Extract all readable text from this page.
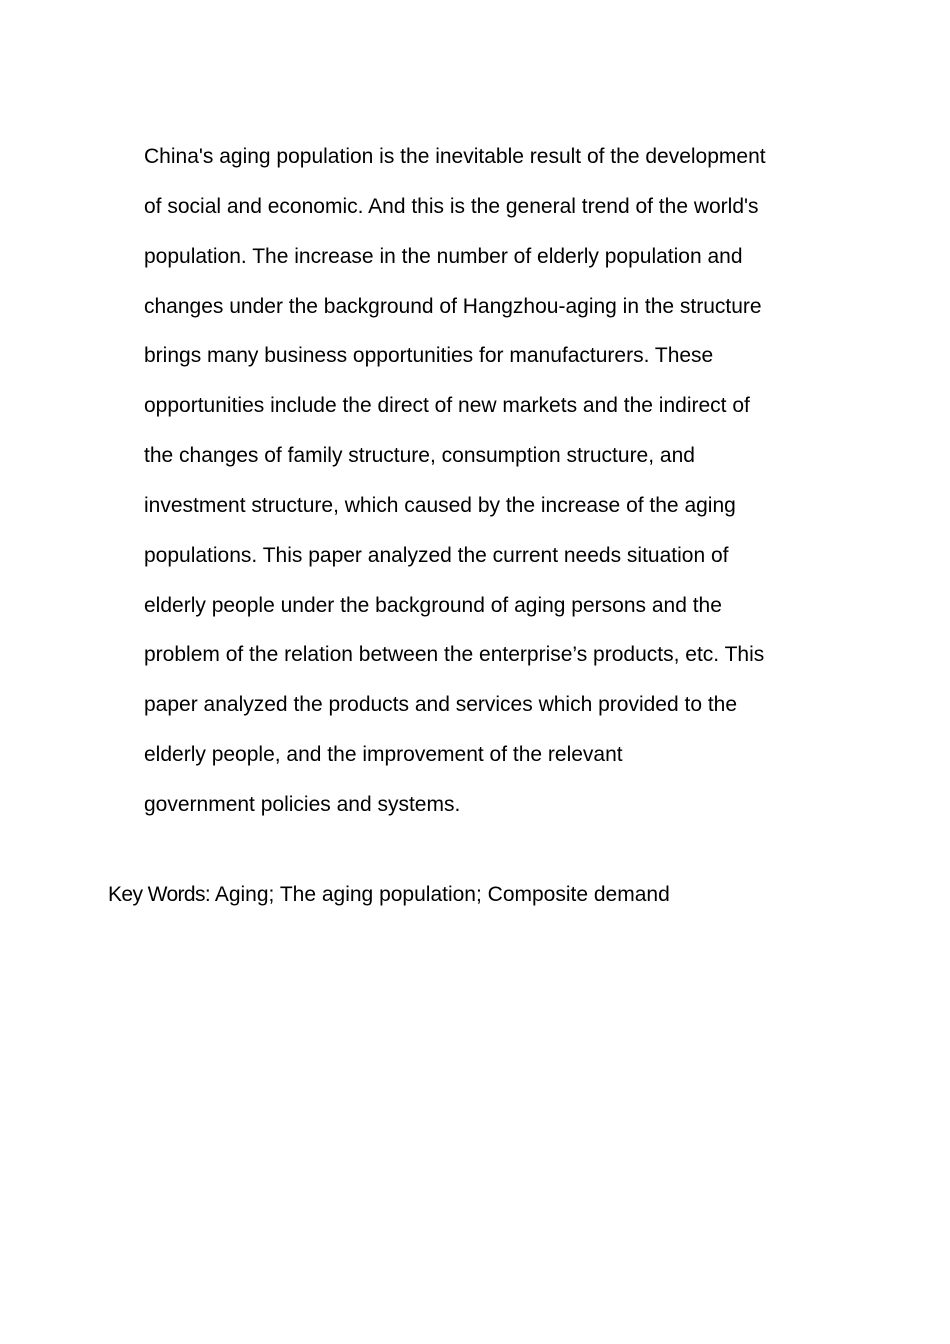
China's aging population is the inevitable result of the development
of social and economic. And this is the general trend of the world's
population. The increase in the number of elderly population and
changes under the background of Hangzhou-aging in the structure
brings many business opportunities for manufacturers. These
opportunities include the direct of new markets and the indirect of
the changes of family structure, consumption structure, and
investment structure, which caused by the increase of the aging
populations. This paper analyzed the current needs situation of
elderly people under the background of aging persons and the
problem of the relation between the enterprise’s products, etc. This
paper analyzed the products and services which provided to the
elderly people, and the improvement of the relevant
government policies and systems.

Key Words: Aging; The aging population; Composite demand
